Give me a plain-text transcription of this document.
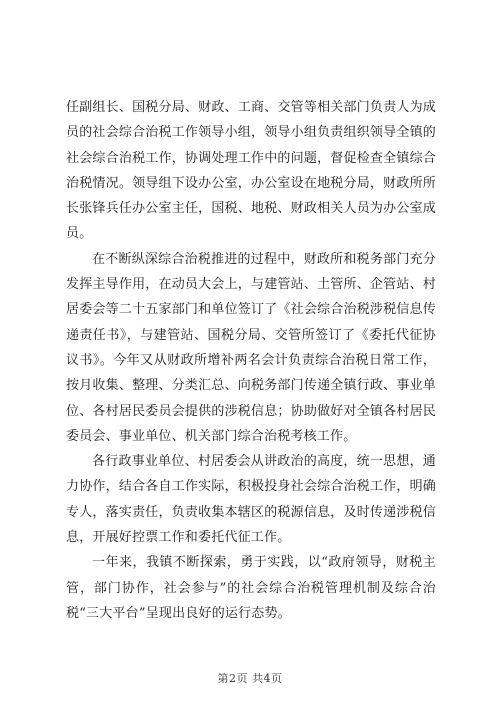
任副组长、国税分局、财政、工商、交管等相关部门负责人为成员的社会综合治税工作领导小组，领导小组负责组织领导全镇的社会综合治税工作，协调处理工作中的问题，督促检查全镇综合治税情况。领导组下设办公室，办公室设在地税分局，财政所所长张锋兵任办公室主任，国税、地税、财政相关人员为办公室成员。

在不断纵深综合治税推进的过程中，财政所和税务部门充分发挥主导作用，在动员大会上，与建管站、土管所、企管站、村居委会等二十五家部门和单位签订了《社会综合治税涉税信息传递责任书》，与建管站、国税分局、交管所签订了《委托代征协议书》。今年又从财政所增补两名会计负责综合治税日常工作，按月收集、整理、分类汇总、向税务部门传递全镇行政、事业单位、各村居民委员会提供的涉税信息；协助做好对全镇各村居民委员会、事业单位、机关部门综合治税考核工作。

各行政事业单位、村居委会从讲政治的高度，统一思想，通力协作，结合各自工作实际，积极投身社会综合治税工作，明确专人，落实责任，负责收集本辖区的税源信息，及时传递涉税信息，开展好控票工作和委托代征工作。

一年来，我镇不断探索，勇于实践，以“政府领导，财税主管，部门协作，社会参与”的社会综合治税管理机制及综合治税“三大平台”呈现出良好的运行态势。

第2页 共4页
